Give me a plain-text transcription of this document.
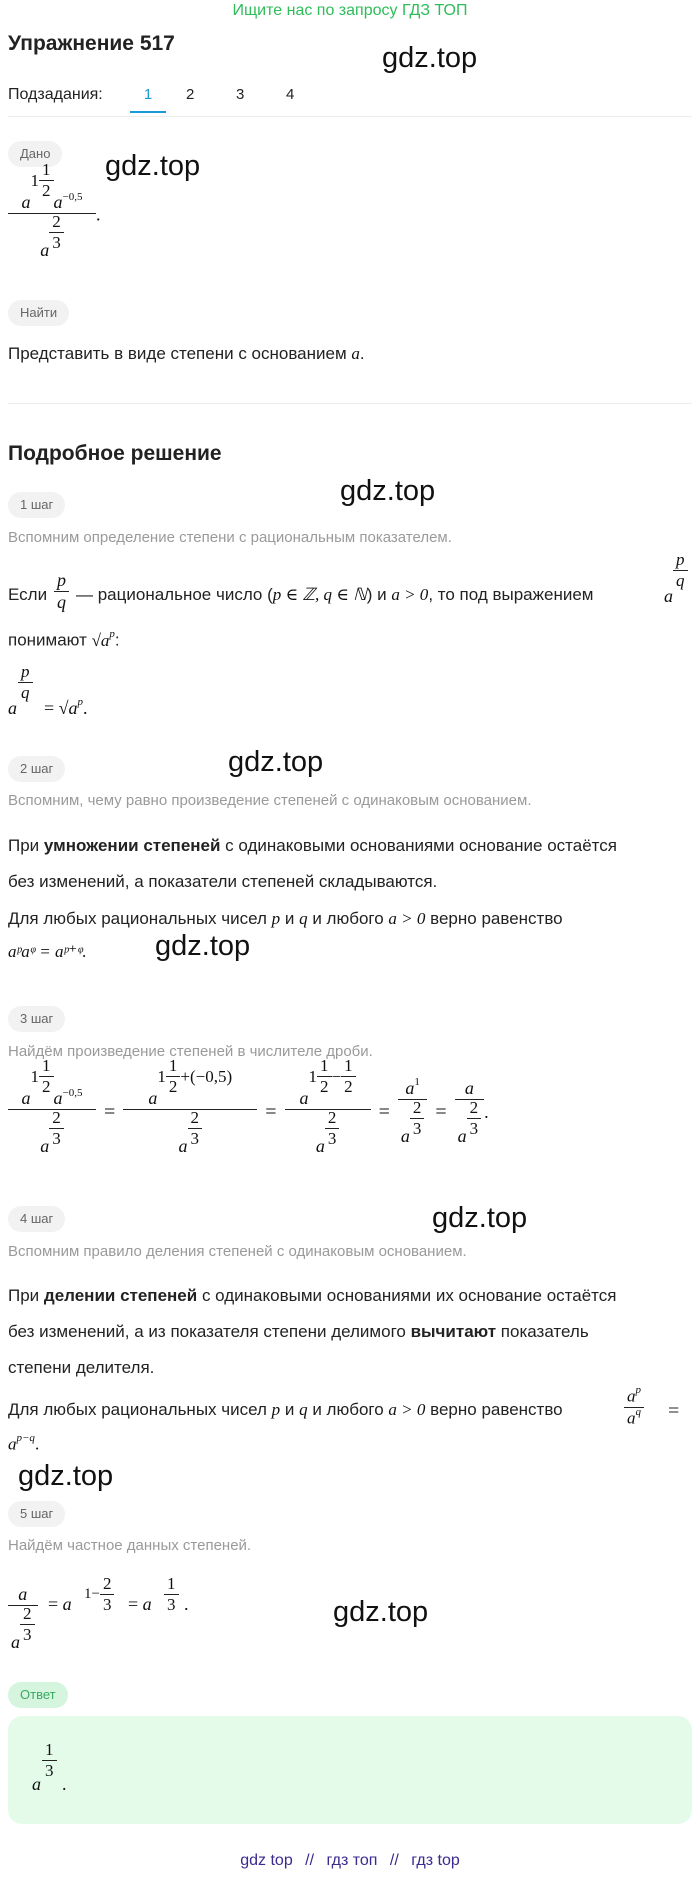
Ищите нас по запросу ГДЗ ТОП
Упражнение 517
Подзадания:	1	2	3	4
gdz.top
gdz.top
gdz.top
gdz.top
gdz.top
gdz.top
gdz.top
gdz.top
Дано
a
$1 \frac{1}{2}$
$a^{-0,5}$
a $\frac{2}{3}$ .
Найти
Представить в виде степени с основанием a.
Подробное решение
1 шаг
Вспомним определение степени с рациональным показателем.
Если $\frac{p}{q}$ — рациональное число (p ∈ ℤ, q ∈ ℕ) и a > 0, то под выражением	a
$\frac{p}{q}$
понимают $√a^p$:
a
$\frac{p}{q}$
= $√a^p$.
2 шаг
Вспомним, чему равно произведение степеней с одинаковым основанием.
При умножении степеней с одинаковыми основаниями основание остаётся
без изменений, а показатели степеней складываются.
Для любых рациональных чисел p и q и любого a > 0 верно равенство
aᵖaᵠ = aᵖ⁺ᵠ.
3 шаг
Найдём произведение степеней в числителе дроби.
a
$1 \frac{1}{2}$
$a^{-0,5}$
a $\frac{2}{3} = a$
$1 \frac{1}{2} +(-0,5)$
a $\frac{2}{3} = a$
$1 \frac{1}{2} - \frac{1}{2}$
a $\frac{2}{3} = \frac{a^1}{a \frac{2}{3}} = \frac{a}{a \frac{2}{3}}$ .
4 шаг
Вспомним правило деления степеней с одинаковым основанием.
При делении степеней с одинаковыми основаниями их основание остаётся
без изменений, а из показателя степени делимого вычитают показатель
степени делителя.
Для любых рациональных чисел p и q и любого a > 0 верно равенство	$\frac{a^p}{a^q}$ =
$a^{p-q}$.
5 шаг
Найдём частное данных степеней.
$\frac{a}{a \frac{2}{3}} = a$ $1- \frac{2}{3} = a \frac{1}{3}$ .
Ответ
a
$\frac{1}{3}$
.
gdz top // гдз топ // гдз top
